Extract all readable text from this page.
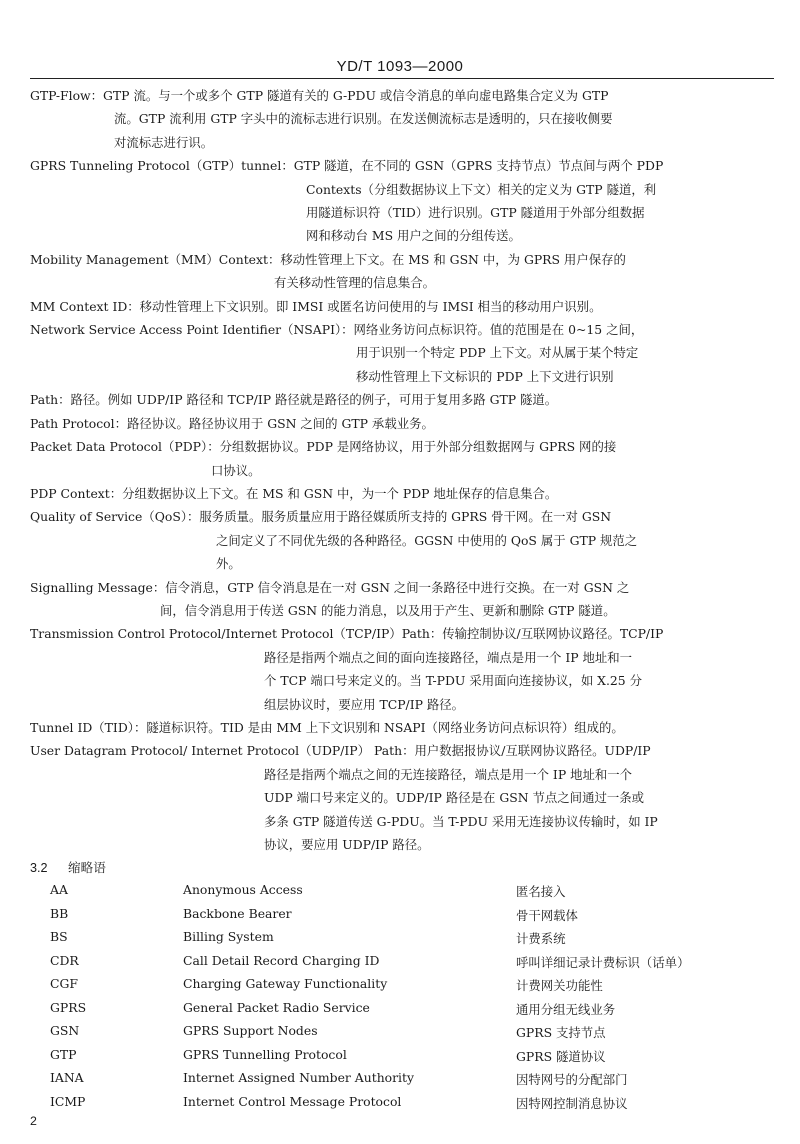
YD/T 1093—2000
GTP-Flow：GTP 流。与一个或多个 GTP 隧道有关的 G-PDU 或信令消息的单向虚电路集合定义为 GTP
流。GTP 流利用 GTP 字头中的流标志进行识别。在发送侧流标志是透明的，只在接收侧要
对流标志进行识。
GPRS Tunneling Protocol（GTP）tunnel：GTP 隧道，在不同的 GSN（GPRS 支持节点）节点间与两个 PDP
Contexts（分组数据协议上下文）相关的定义为 GTP 隧道，利
用隧道标识符（TID）进行识别。GTP 隧道用于外部分组数据
网和移动台 MS 用户之间的分组传送。
Mobility Management（MM）Context：移动性管理上下文。在 MS 和 GSN 中，为 GPRS 用户保存的
有关移动性管理的信息集合。
MM Context ID：移动性管理上下文识别。即 IMSI 或匿名访问使用的与 IMSI 相当的移动用户识别。
Network Service Access Point Identifier（NSAPI）：网络业务访问点标识符。值的范围是在 0~15 之间，
用于识别一个特定 PDP 上下文。对从属于某个特定
移动性管理上下文标识的 PDP 上下文进行识别
Path：路径。例如 UDP/IP 路径和 TCP/IP 路径就是路径的例子，可用于复用多路 GTP 隧道。
Path Protocol：路径协议。路径协议用于 GSN 之间的 GTP 承载业务。
Packet Data Protocol（PDP）：分组数据协议。PDP 是网络协议，用于外部分组数据网与 GPRS 网的接
口协议。
PDP Context：分组数据协议上下文。在 MS 和 GSN 中，为一个 PDP 地址保存的信息集合。
Quality of Service（QoS）：服务质量。服务质量应用于路径媒质所支持的 GPRS 骨干网。在一对 GSN
之间定义了不同优先级的各种路径。GGSN 中使用的 QoS 属于 GTP 规范之
外。
Signalling Message：信令消息，GTP 信令消息是在一对 GSN 之间一条路径中进行交换。在一对 GSN 之
间，信令消息用于传送 GSN 的能力消息，以及用于产生、更新和删除 GTP 隧道。
Transmission Control Protocol/Internet Protocol（TCP/IP）Path：传输控制协议/互联网协议路径。TCP/IP
路径是指两个端点之间的面向连接路径，端点是用一个 IP 地址和一
个 TCP 端口号来定义的。当 T-PDU 采用面向连接协议，如 X.25 分
组层协议时，要应用 TCP/IP 路径。
Tunnel ID（TID）：隧道标识符。TID 是由 MM 上下文识别和 NSAPI（网络业务访问点标识符）组成的。
User Datagram Protocol/ Internet Protocol（UDP/IP） Path：用户数据报协议/互联网协议路径。UDP/IP
路径是指两个端点之间的无连接路径，端点是用一个 IP 地址和一个
UDP 端口号来定义的。UDP/IP 路径是在 GSN 节点之间通过一条或
多条 GTP 隧道传送 G-PDU。当 T-PDU 采用无连接协议传输时，如 IP
协议，要应用 UDP/IP 路径。
3.2 缩略语
AA	Anonymous Access	匿名接入
BB	Backbone Bearer	骨干网载体
BS	Billing System	计费系统
CDR	Call Detail Record Charging ID	呼叫详细记录计费标识（话单）
CGF	Charging Gateway Functionality	计费网关功能性
GPRS	General Packet Radio Service	通用分组无线业务
GSN	GPRS Support Nodes	GPRS 支持节点
GTP	GPRS Tunnelling Protocol	GPRS 隧道协议
IANA	Internet Assigned Number Authority	因特网号的分配部门
ICMP	Internet Control Message Protocol	因特网控制消息协议
2
